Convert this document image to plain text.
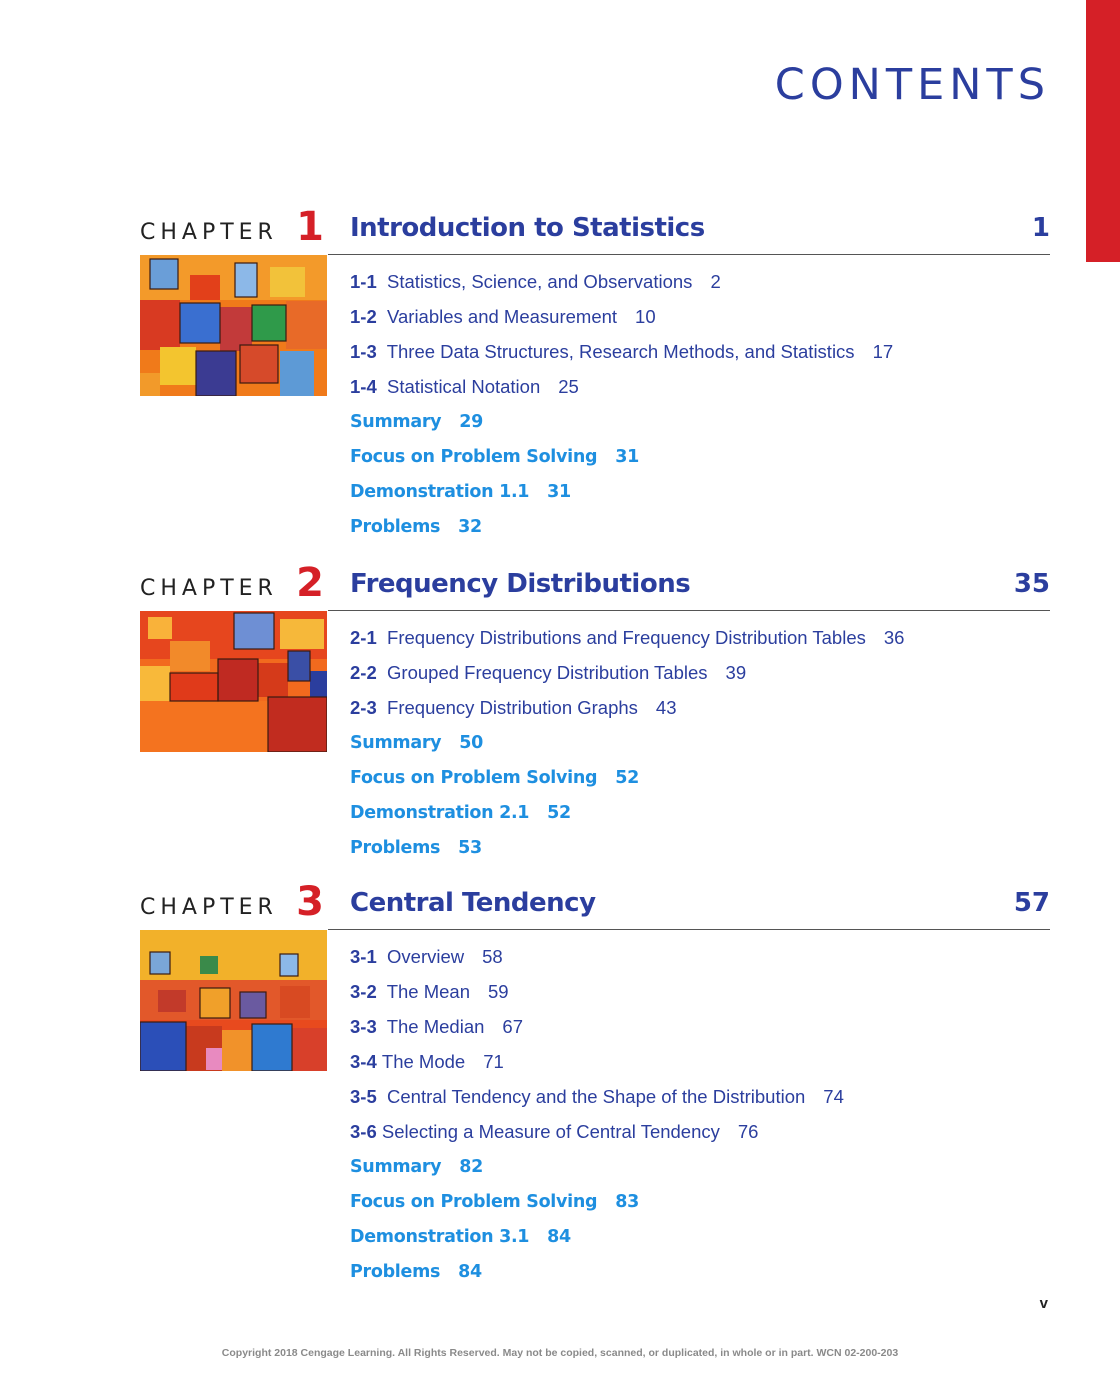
CONTENTS
CHAPTER 1 Introduction to Statistics	1
1-1 Statistics, Science, and Observations 2
1-2 Variables and Measurement 10
1-3 Three Data Structures, Research Methods, and Statistics 17
1-4 Statistical Notation 25
Summary 29
Focus on Problem Solving 31
Demonstration 1.1 31
Problems 32
CHAPTER 2 Frequency Distributions	35
2-1 Frequency Distributions and Frequency Distribution Tables 36
2-2 Grouped Frequency Distribution Tables 39
2-3 Frequency Distribution Graphs 43
Summary 50
Focus on Problem Solving 52
Demonstration 2.1 52
Problems 53
CHAPTER 3 Central Tendency	57
3-1 Overview 58
3-2 The Mean 59
3-3 The Median 67
3-4 The Mode 71
3-5 Central Tendency and the Shape of the Distribution 74
3-6 Selecting a Measure of Central Tendency 76
Summary 82
Focus on Problem Solving 83
Demonstration 3.1 84
Problems 84
v
Copyright 2018 Cengage Learning. All Rights Reserved. May not be copied, scanned, or duplicated, in whole or in part. WCN 02-200-203
